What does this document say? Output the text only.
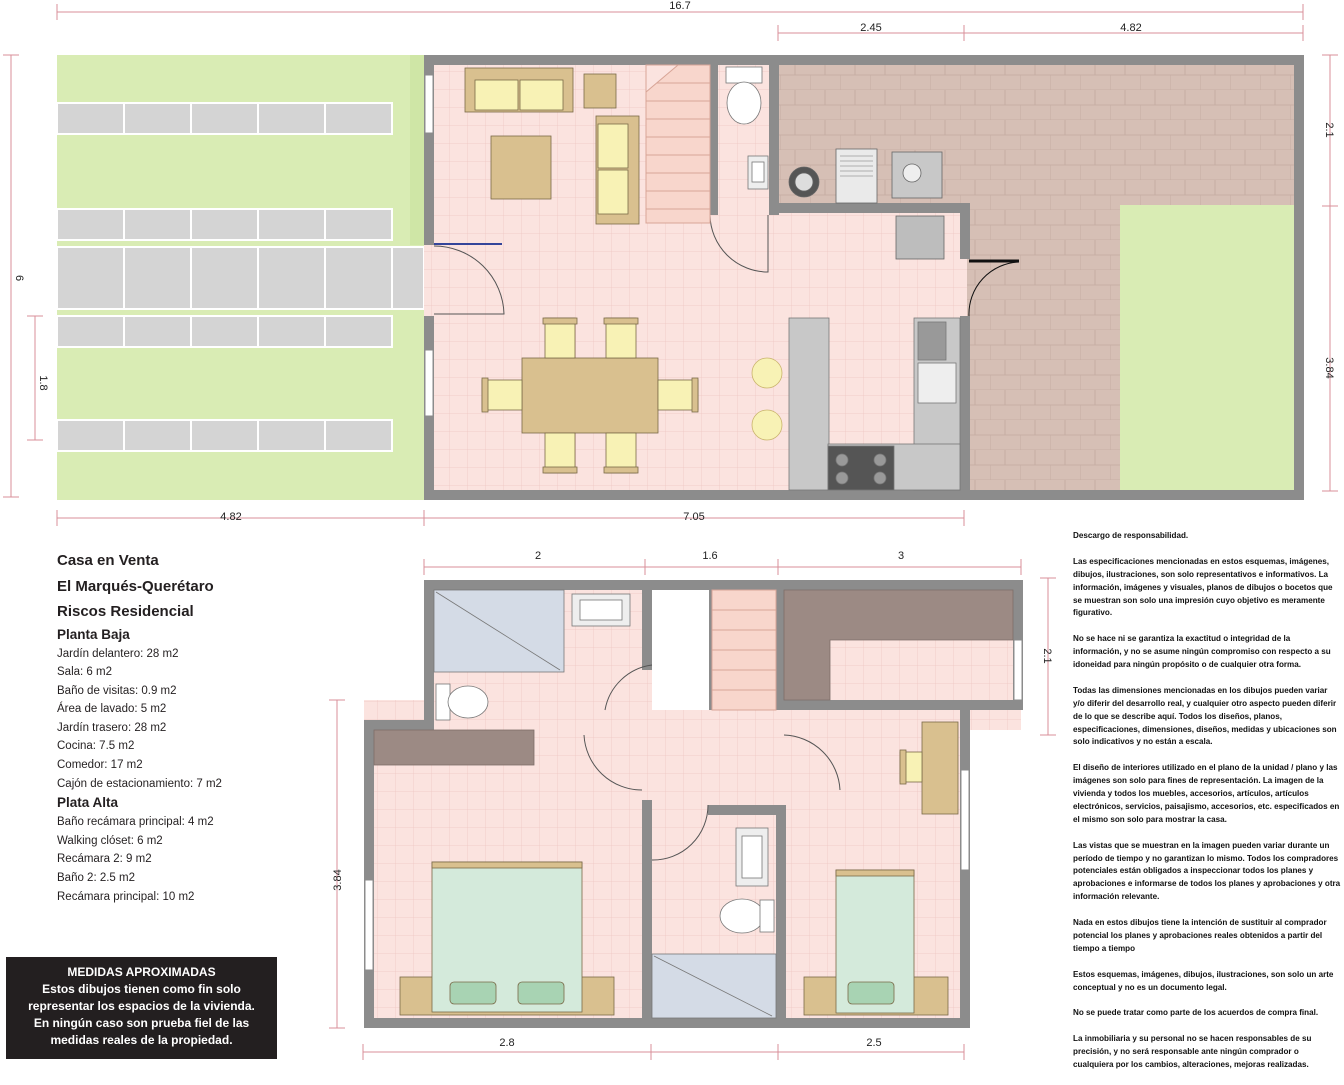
16.7
2.45	4.82
2.1
3.84
6
1.8
4.82	7.05
2	1.6	3
2.1
3.84
2.8	2.5
Casa en Venta
El Marqués-Querétaro
Riscos Residencial
Planta Baja
Jardín delantero: 28 m2
Sala: 6 m2
Baño de visitas: 0.9 m2
Área de lavado: 5 m2
Jardín trasero: 28 m2
Cocina: 7.5 m2
Comedor: 17 m2
Cajón de estacionamiento: 7 m2
Plata Alta
Baño recámara principal: 4 m2
Walking clóset: 6 m2
Recámara 2: 9 m2
Baño 2: 2.5 m2
Recámara principal: 10 m2
MEDIDAS APROXIMADAS
Estos dibujos tienen como fin solo
representar los espacios de la vivienda.
En ningún caso son prueba fiel de las
medidas reales de la propiedad.

Descargo de responsabilidad.

Las especificaciones mencionadas en estos esquemas, imágenes, dibujos, ilustraciones, son solo representativos e informativos. La información, imágenes y visuales, planos de dibujos o bocetos que se muestran son solo una impresión cuyo objetivo es meramente figurativo.

No se hace ni se garantiza la exactitud o integridad de la información, y no se asume ningún compromiso con respecto a su idoneidad para ningún propósito o de cualquier otra forma.

Todas las dimensiones mencionadas en los dibujos pueden variar y/o diferir del desarrollo real, y cualquier otro aspecto pueden diferir de lo que se describe aquí. Todos los diseños, planos, especificaciones, dimensiones, diseños, medidas y ubicaciones son solo indicativos y no están a escala.

El diseño de interiores utilizado en el plano de la unidad / plano y las imágenes son solo para fines de representación. La imagen de la vivienda y todos los muebles, accesorios, artículos, artículos electrónicos, servicios, paisajismo, accesorios, etc. especificados en el mismo son solo para mostrar la casa.

Las vistas que se muestran en la imagen pueden variar durante un período de tiempo y no garantizan lo mismo. Todos los compradores potenciales están obligados a inspeccionar todos los planes y aprobaciones e informarse de todos los planes y aprobaciones y otra información relevante.

Nada en estos dibujos tiene la intención de sustituir al comprador potencial los planes y aprobaciones reales obtenidos a partir del tiempo a tiempo

Estos esquemas, imágenes, dibujos, ilustraciones, son solo un arte conceptual y no es un documento legal.

No se puede tratar como parte de los acuerdos de compra final.

La inmobiliaria y su personal no se hacen responsables de su precisión, y no será responsable ante ningún comprador o cualquiera por los cambios, alteraciones, mejoras realizadas.
